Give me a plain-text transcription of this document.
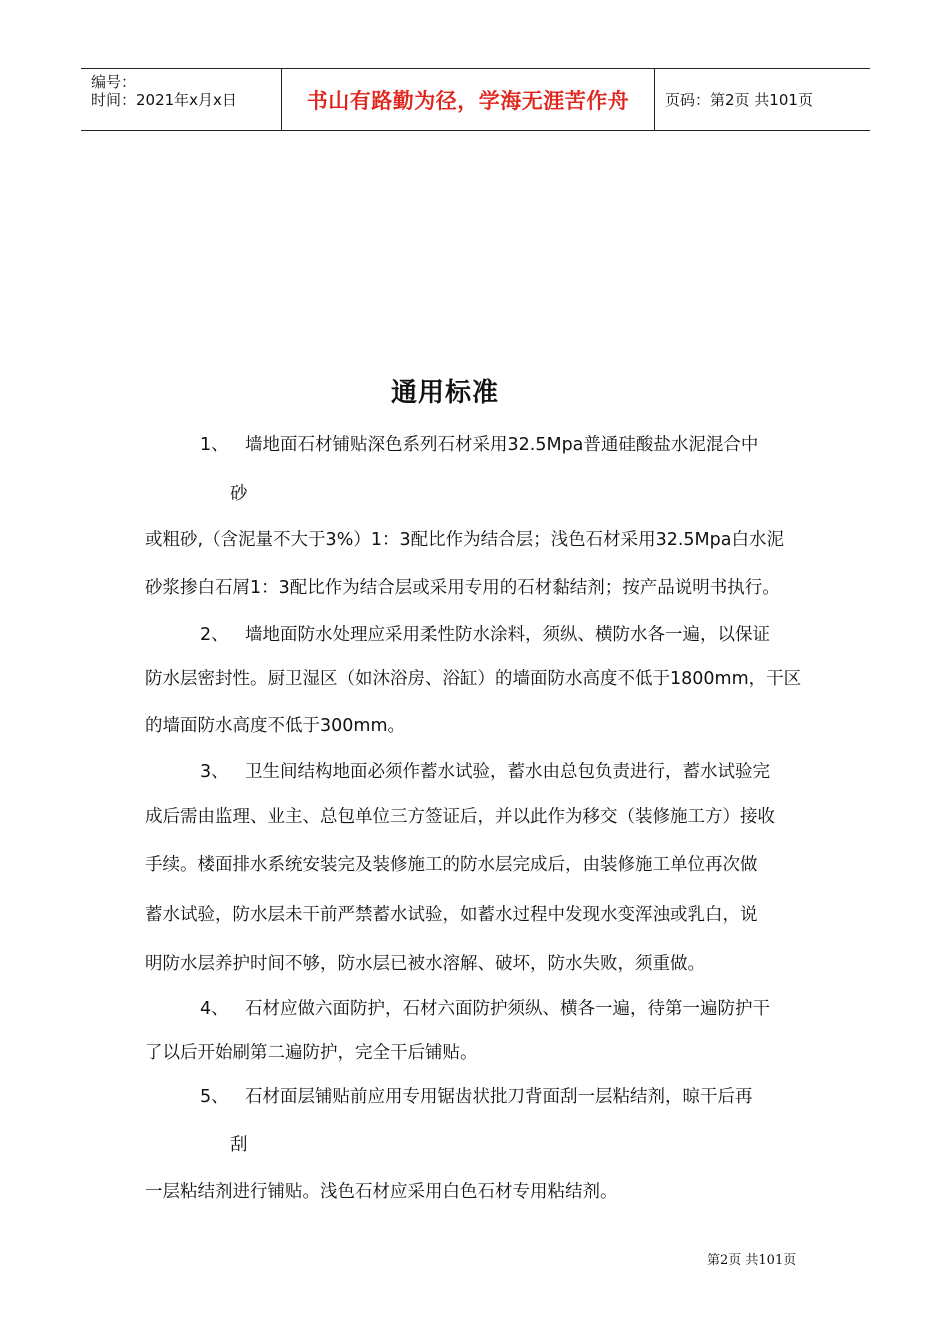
编号：
时间：2021年x月x日	书山有路勤为径，学海无涯苦作舟	页码：第2页 共101页
通用标准
1、 墙地面石材铺贴深色系列石材采用32.5Mpa普通硅酸盐水泥混合中
砂
或粗砂,（含泥量不大于3%）1：3配比作为结合层；浅色石材采用32.5Mpa白水泥
砂浆掺白石屑1：3配比作为结合层或采用专用的石材黏结剂；按产品说明书执行。
2、 墙地面防水处理应采用柔性防水涂料，须纵、横防水各一遍，以保证
防水层密封性。厨卫湿区（如沐浴房、浴缸）的墙面防水高度不低于1800mm，干区
的墙面防水高度不低于300mm。
3、 卫生间结构地面必须作蓄水试验，蓄水由总包负责进行，蓄水试验完
成后需由监理、业主、总包单位三方签证后，并以此作为移交（装修施工方）接收
手续。楼面排水系统安装完及装修施工的防水层完成后，由装修施工单位再次做
蓄水试验，防水层未干前严禁蓄水试验，如蓄水过程中发现水变浑浊或乳白，说
明防水层养护时间不够，防水层已被水溶解、破坏，防水失败，须重做。
4、 石材应做六面防护，石材六面防护须纵、横各一遍，待第一遍防护干
了以后开始刷第二遍防护，完全干后铺贴。
5、 石材面层铺贴前应用专用锯齿状批刀背面刮一层粘结剂，晾干后再
刮
一层粘结剂进行铺贴。浅色石材应采用白色石材专用粘结剂。
第2页 共101页
